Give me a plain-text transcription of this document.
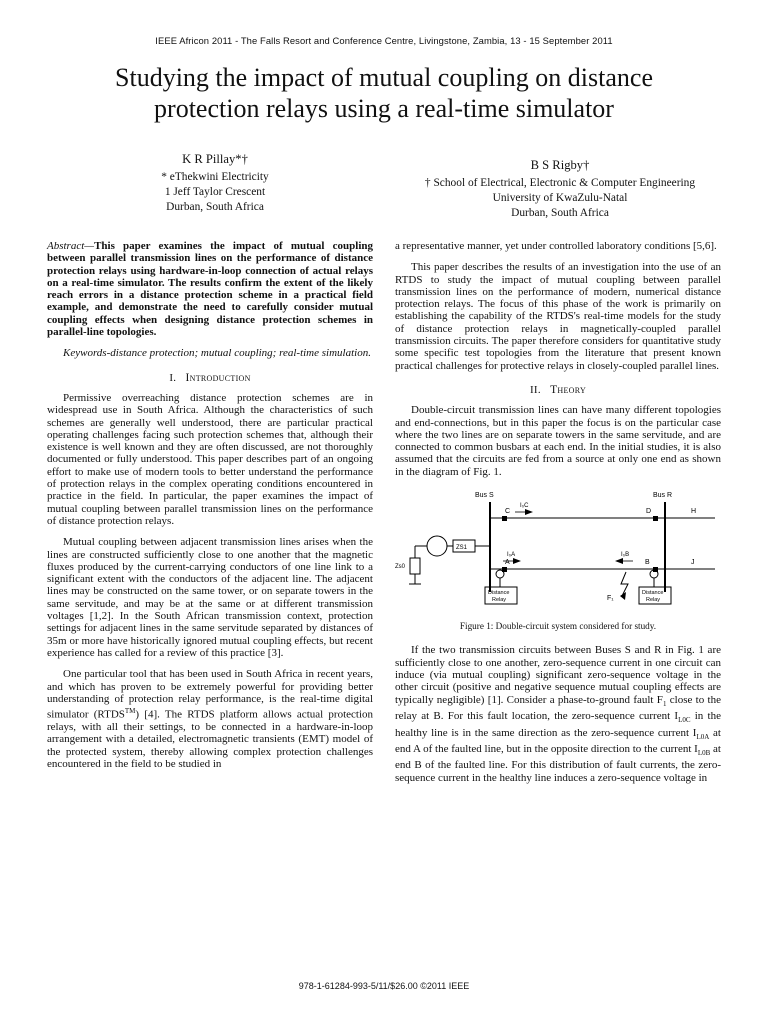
IEEE Africon 2011 - The Falls Resort and Conference Centre, Livingstone, Zambia, 13 - 15 September 2011
Studying the impact of mutual coupling on distance protection relays using a real-time simulator
K R Pillay*†
* eThekwini Electricity
1 Jeff Taylor Crescent
Durban, South Africa
B S Rigby†
† School of Electrical, Electronic & Computer Engineering
University of KwaZulu-Natal
Durban, South Africa

Abstract—This paper examines the impact of mutual coupling between parallel transmission lines on the performance of distance protection relays using hardware-in-loop connection of actual relays on a real-time simulator. The results confirm the extent of the likely reach errors in a distance protection scheme in a practical field example, and demonstrate the need to carefully consider mutual coupling effects when designing distance protection schemes in parallel-line topologies.

Keywords-distance protection; mutual coupling; real-time simulation.

I. Introduction

Permissive overreaching distance protection schemes are in widespread use in South Africa. Although the characteristics of such schemes are generally well understood, there are particular practical operating challenges facing such protection schemes that, although their existence is well known and they are often discussed, are not thoroughly documented or fully understood. This paper describes part of an ongoing effort to make use of modern tools to better understand the performance of protection relays in the complex operating conditions encountered in practice in the field. In particular, the paper examines the impact of mutual coupling between parallel transmission lines on the performance of distance protection relays.

Mutual coupling between adjacent transmission lines arises when the lines are constructed sufficiently close to one another that the magnetic fluxes produced by the current-carrying conductors of one line link to a significant extent with the conductors of the adjacent line. The adjacent lines may be constructed on the same tower, or on separate towers in the same servitude, and may be at the same or at different transmission voltages [1,2]. In the South African transmission context, protection settings for adjacent lines in the same servitude separated by distances of 35m or more have historically ignored mutual coupling effects, but recent experience has called for a review of this practice [3].

One particular tool that has been used in South Africa in recent years, and which has proven to be extremely powerful for providing better understanding of protection relay performance, is the real-time digital simulator (RTDS™) [4]. The RTDS platform allows actual protection relays, with all their settings, to be connected in a hardware-in-loop arrangement with a detailed, electromagnetic transients (EMT) model of the protected system, thereby allowing complex protection challenges encountered in the field to be studied in

a representative manner, yet under controlled laboratory conditions [5,6].

This paper describes the results of an investigation into the use of an RTDS to study the impact of mutual coupling between parallel transmission lines on the performance of modern, numerical distance protection relays. The focus of this phase of the work is primarily on establishing the capability of the RTDS's real-time models for the study of distance protection relays in magnetically-coupled parallel transmission circuits. The paper therefore considers for quantitative study some specific test topologies from the literature that present known practical challenges for protective relays in closely-coupled parallel lines.

II. Theory

Double-circuit transmission lines can have many different topologies and end-connections, but in this paper the focus is on the particular case where the two lines are on separate towers in the same servitude, and are connected to common busbars at each end. In the initial studies, it is also assumed that the circuits are fed from a source at only one end as shown in the diagram of Fig. 1.

Bus S	Bus R
C	D	H
A	B	J
I₀C
I₀A	I₀B
Zs0
ZS1
F₁
Distance
Relay
Distance
Relay

Figure 1: Double-circuit system considered for study.

If the two transmission circuits between Buses S and R in Fig. 1 are sufficiently close to one another, zero-sequence current in one circuit can induce (via mutual coupling) significant zero-sequence voltage in the other circuit (positive and negative sequence mutual coupling effects are typically negligible) [1]. Consider a phase-to-ground fault $F_1$ close to the relay at B. For this fault location, the zero-sequence current $I_{L0C}$ in the healthy line is in the same direction as the zero-sequence current $I_{L0A}$ at end A of the faulted line, but in the opposite direction to the current $I_{L0B}$ at end B of the faulted line. For this distribution of fault currents, the zero-sequence current in the healthy line induces a zero-sequence voltage in

978-1-61284-993-5/11/$26.00 ©2011 IEEE
